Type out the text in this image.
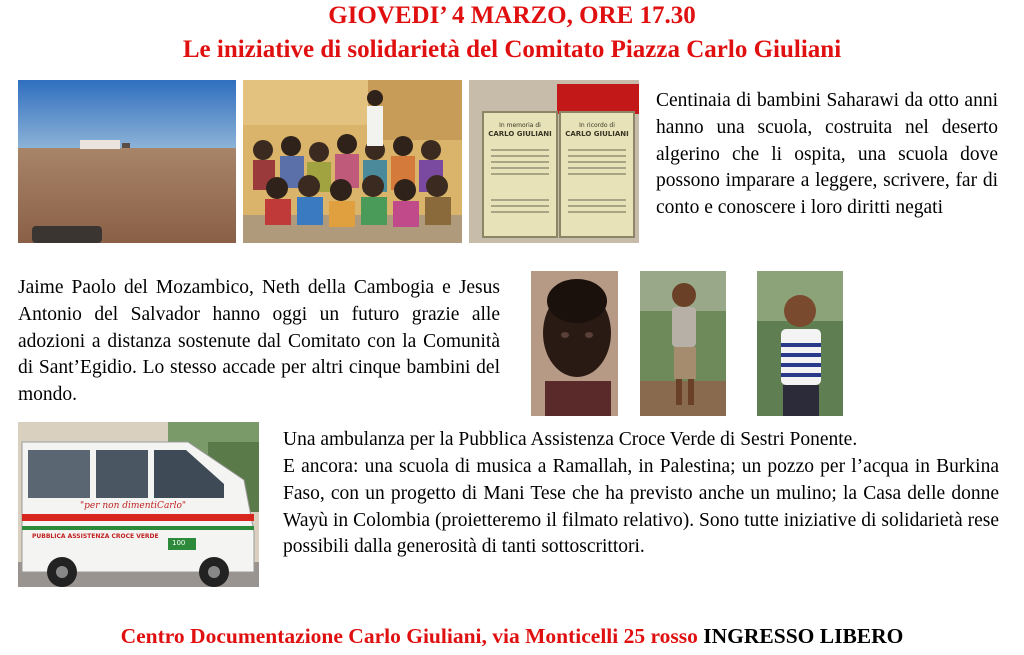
GIOVEDI’ 4 MARZO, ORE 17.30
Le iniziative di solidarietà del Comitato Piazza Carlo Giuliani
In memoria di
CARLO GIULIANI
In ricordo di
CARLO GIULIANI
Centinaia di bambini Saharawi da otto anni hanno una scuola, costruita nel deserto algerino che li ospita, una scuola dove possono imparare a leggere, scrivere, far di conto e conoscere i loro diritti negati
Jaime Paolo del Mozambico, Neth della Cambogia e Jesus Antonio del Salvador hanno oggi un futuro grazie alle adozioni a distanza sostenute dal Comitato con la Comunità di Sant’Egidio. Lo stesso accade per altri cinque bambini del mondo.
"per non dimentiCarlo"
PUBBLICA ASSISTENZA CROCE VERDE
100
Una ambulanza per la Pubblica Assistenza Croce Verde di Sestri Ponente.
E ancora: una scuola di musica a Ramallah, in Palestina; un pozzo per l’acqua in Burkina Faso, con un progetto di Mani Tese che ha previsto anche un mulino; la Casa delle donne Wayù in Colombia (proietteremo il filmato relativo). Sono tutte iniziative di solidarietà rese possibili dalla generosità di tanti sottoscrittori.
Centro Documentazione Carlo Giuliani, via Monticelli 25 rosso INGRESSO LIBERO
